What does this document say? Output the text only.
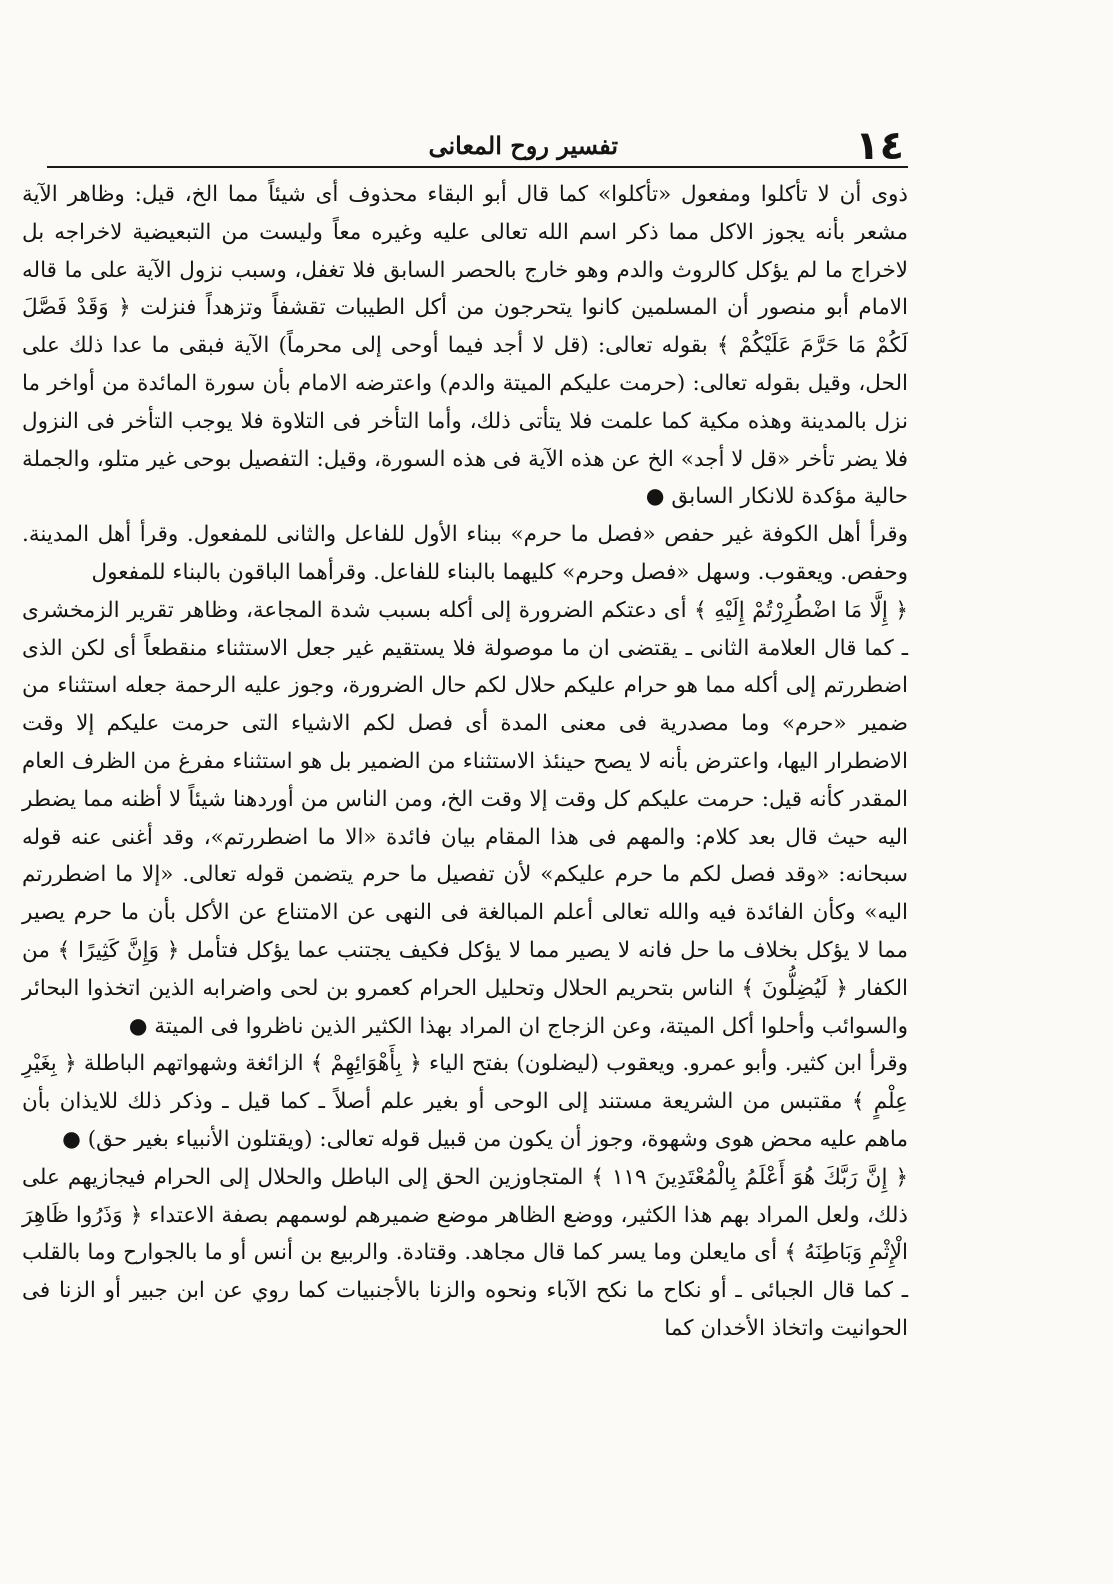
١٤
تفسير روح المعانى

ذوى أن لا تأكلوا ومفعول «تأكلوا» كما قال أبو البقاء محذوف أى شيئاً مما الخ، قيل: وظاهر الآية مشعر بأنه يجوز الاكل مما ذكر اسم الله تعالى عليه وغيره معاً وليست من التبعيضية لاخراجه بل لاخراج ما لم يؤكل كالروث والدم وهو خارج بالحصر السابق فلا تغفل، وسبب نزول الآية على ما قاله الامام أبو منصور أن المسلمين كانوا يتحرجون من أكل الطيبات تقشفاً وتزهداً فنزلت ﴿ وَقَدْ فَصَّلَ لَكُمْ مَا حَرَّمَ عَلَيْكُمْ ﴾ بقوله تعالى: (قل لا أجد فيما أوحى إلى محرماً) الآية فبقى ما عدا ذلك على الحل، وقيل بقوله تعالى: (حرمت عليكم الميتة والدم) واعترضه الامام بأن سورة المائدة من أواخر ما نزل بالمدينة وهذه مكية كما علمت فلا يتأتى ذلك، وأما التأخر فى التلاوة فلا يوجب التأخر فى النزول فلا يضر تأخر «قل لا أجد» الخ عن هذه الآية فى هذه السورة، وقيل: التفصيل بوحى غير متلو، والجملة حالية مؤكدة للانكار السابق ●

وقرأ أهل الكوفة غير حفص «فصل ما حرم» ببناء الأول للفاعل والثانى للمفعول. وقرأ أهل المدينة. وحفص. ويعقوب. وسهل «فصل وحرم» كليهما بالبناء للفاعل. وقرأهما الباقون بالبناء للمفعول

﴿ إِلَّا مَا اضْطُرِرْتُمْ إِلَيْهِ ﴾ أى دعتكم الضرورة إلى أكله بسبب شدة المجاعة، وظاهر تقرير الزمخشرى ـ كما قال العلامة الثانى ـ يقتضى ان ما موصولة فلا يستقيم غير جعل الاستثناء منقطعاً أى لكن الذى اضطررتم إلى أكله مما هو حرام عليكم حلال لكم حال الضرورة، وجوز عليه الرحمة جعله استثناء من ضمير «حرم» وما مصدرية فى معنى المدة أى فصل لكم الاشياء التى حرمت عليكم إلا وقت الاضطرار اليها، واعترض بأنه لا يصح حينئذ الاستثناء من الضمير بل هو استثناء مفرغ من الظرف العام المقدر كأنه قيل: حرمت عليكم كل وقت إلا وقت الخ، ومن الناس من أوردهنا شيئاً لا أظنه مما يضطر اليه حيث قال بعد كلام: والمهم فى هذا المقام بيان فائدة «الا ما اضطررتم»، وقد أغنى عنه قوله سبحانه: «وقد فصل لكم ما حرم عليكم» لأن تفصيل ما حرم يتضمن قوله تعالى. «إلا ما اضطررتم اليه» وكأن الفائدة فيه والله تعالى أعلم المبالغة فى النهى عن الامتناع عن الأكل بأن ما حرم يصير مما لا يؤكل بخلاف ما حل فانه لا يصير مما لا يؤكل فكيف يجتنب عما يؤكل فتأمل ﴿ وَإِنَّ كَثِيرًا ﴾ من الكفار ﴿ لَيُضِلُّونَ ﴾ الناس بتحريم الحلال وتحليل الحرام كعمرو بن لحى واضرابه الذين اتخذوا البحائر والسوائب وأحلوا أكل الميتة، وعن الزجاج ان المراد بهذا الكثير الذين ناظروا فى الميتة ●

وقرأ ابن كثير. وأبو عمرو. ويعقوب (ليضلون) بفتح الياء ﴿ بِأَهْوَائِهِمْ ﴾ الزائغة وشهواتهم الباطلة ﴿ بِغَيْرِ عِلْمٍ ﴾ مقتبس من الشريعة مستند إلى الوحى أو بغير علم أصلاً ـ كما قيل ـ وذكر ذلك للايذان بأن ماهم عليه محض هوى وشهوة، وجوز أن يكون من قبيل قوله تعالى: (ويقتلون الأنبياء بغير حق) ●

﴿ إِنَّ رَبَّكَ هُوَ أَعْلَمُ بِالْمُعْتَدِينَ ١١٩ ﴾ المتجاوزين الحق إلى الباطل والحلال إلى الحرام فيجازيهم على ذلك، ولعل المراد بهم هذا الكثير، ووضع الظاهر موضع ضميرهم لوسمهم بصفة الاعتداء ﴿ وَذَرُوا ظَاهِرَ الْإِثْمِ وَبَاطِنَهُ ﴾ أى مايعلن وما يسر كما قال مجاهد. وقتادة. والربيع بن أنس أو ما بالجوارح وما بالقلب ـ كما قال الجبائى ـ أو نكاح ما نكح الآباء ونحوه والزنا بالأجنبيات كما روي عن ابن جبير أو الزنا فى الحوانيت واتخاذ الأخدان كما
